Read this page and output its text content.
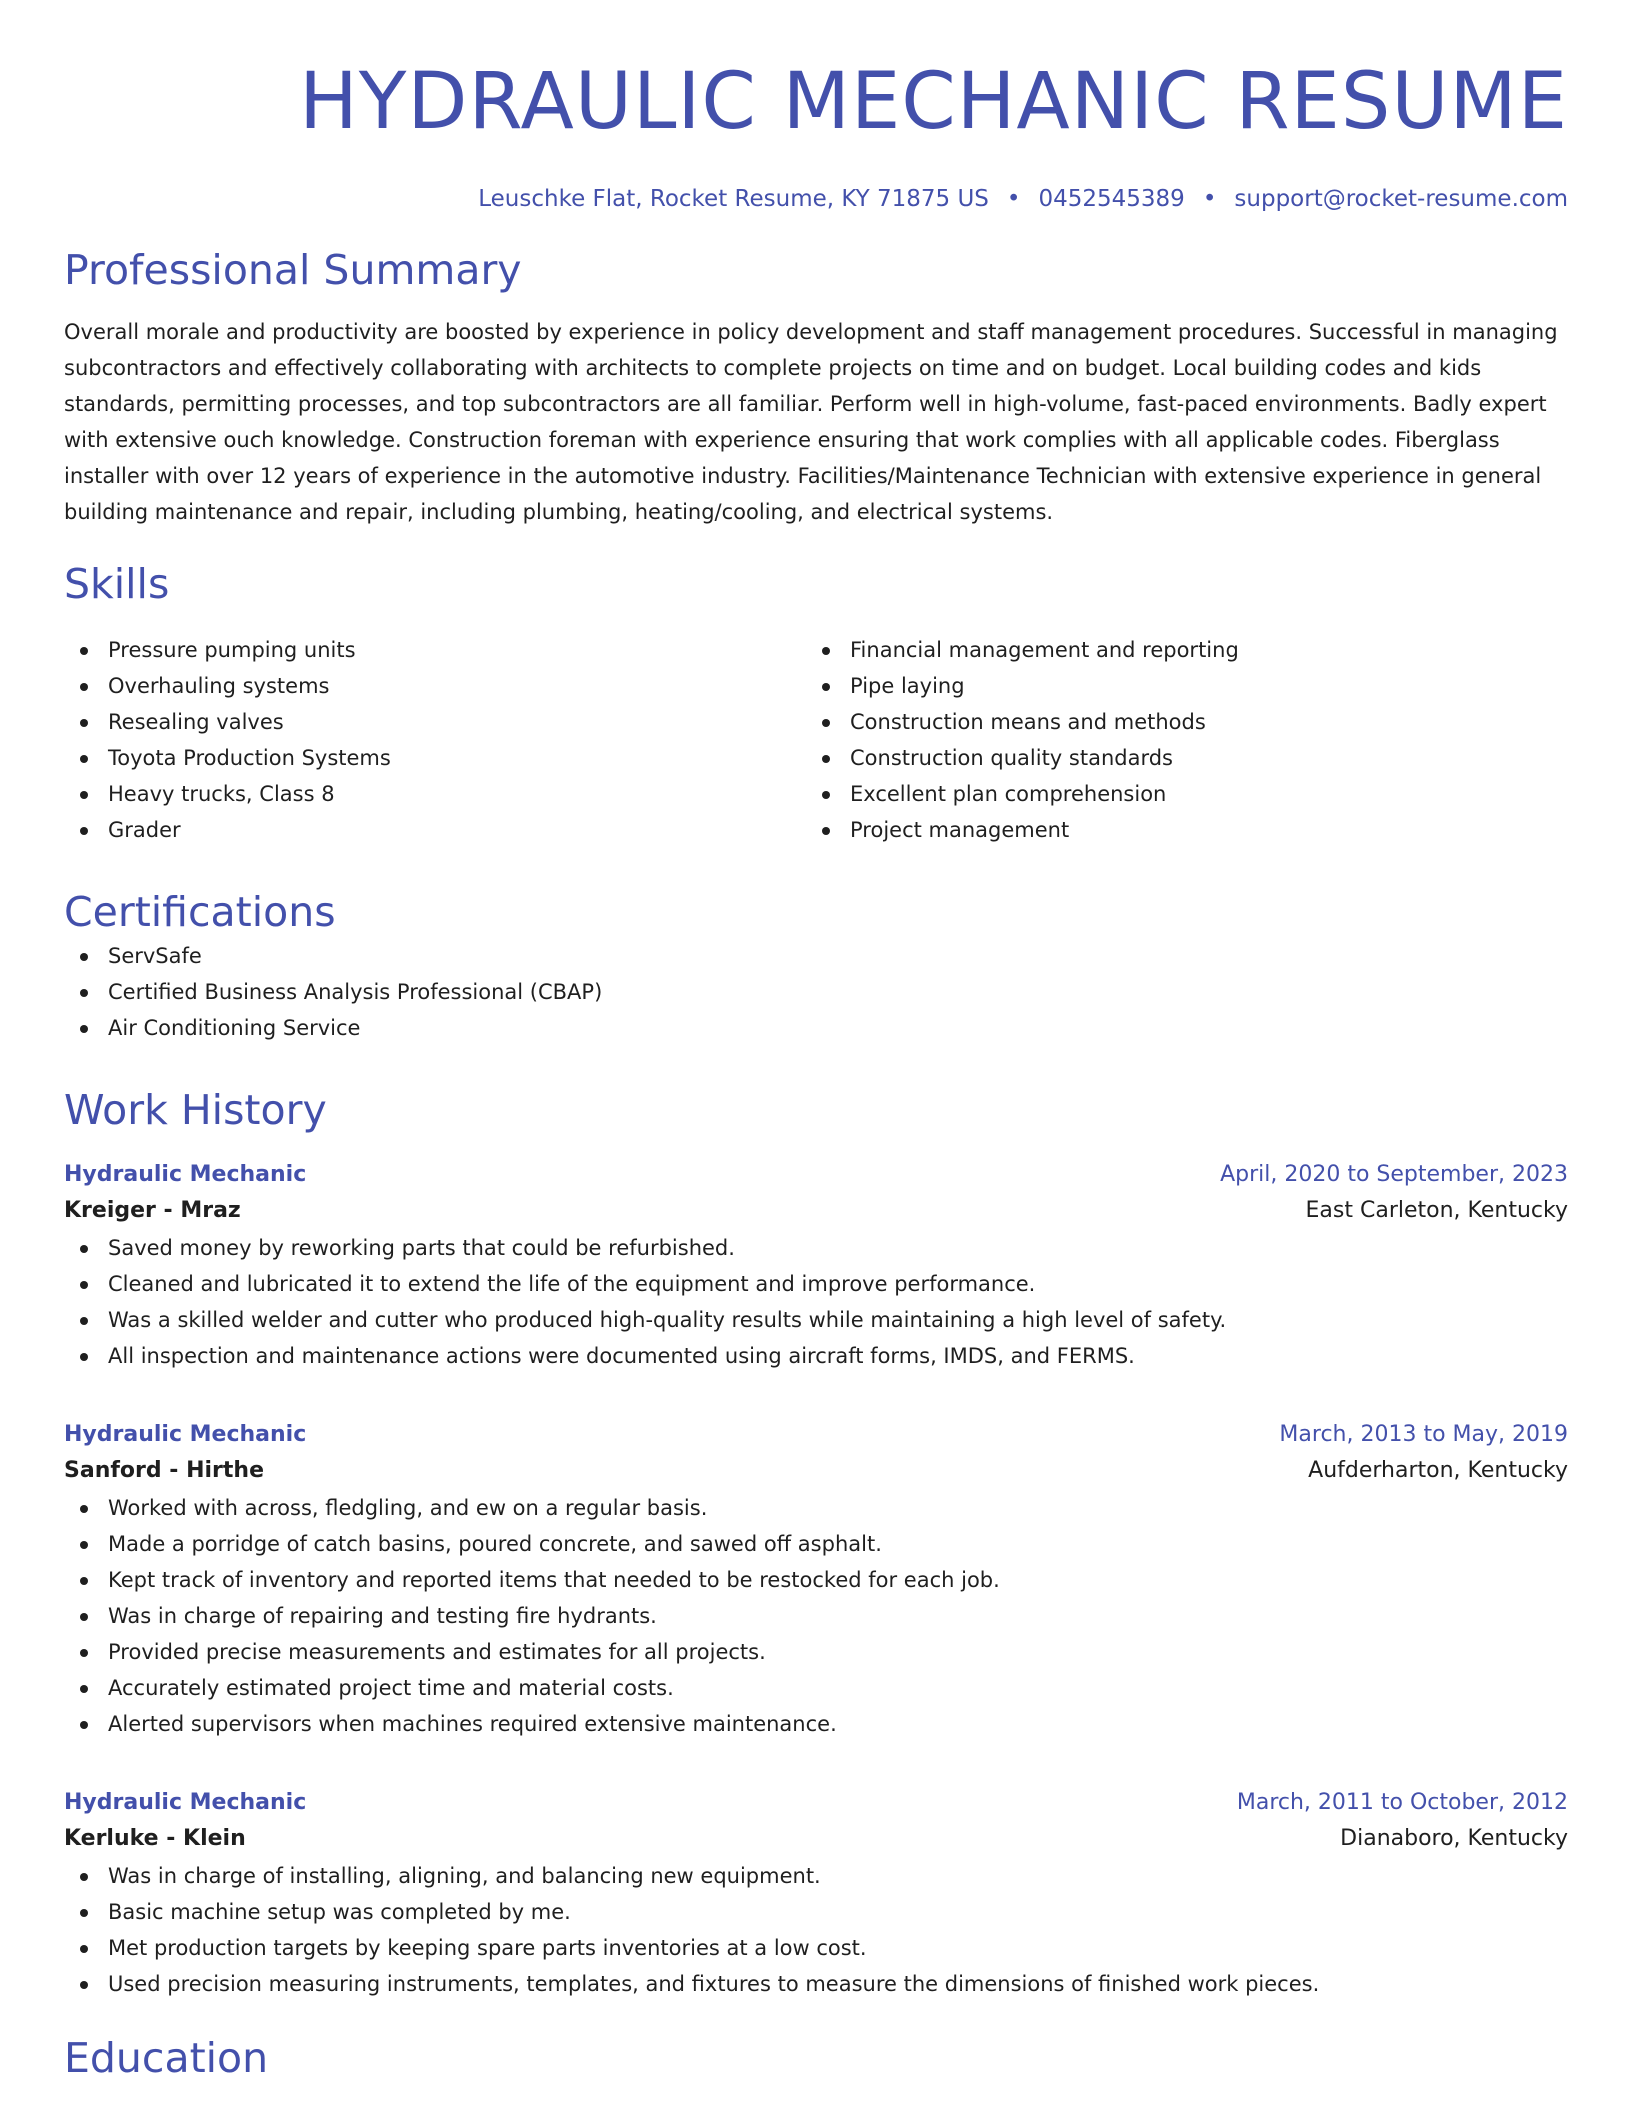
HYDRAULIC MECHANIC RESUME
Leuschke Flat, Rocket Resume, KY 71875 US • 0452545389 • support@rocket-resume.com
Professional Summary

Overall morale and productivity are boosted by experience in policy development and staff management procedures. Successful in managing subcontractors and effectively collaborating with architects to complete projects on time and on budget. Local building codes and kids standards, permitting processes, and top subcontractors are all familiar. Perform well in high-volume, fast-paced environments. Badly expert with extensive ouch knowledge. Construction foreman with experience ensuring that work complies with all applicable codes. Fiberglass installer with over 12 years of experience in the automotive industry. Facilities/Maintenance Technician with extensive experience in general building maintenance and repair, including plumbing, heating/cooling, and electrical systems.

Skills
Pressure pumping units
Overhauling systems
Resealing valves
Toyota Production Systems
Heavy trucks, Class 8
Grader
Financial management and reporting
Pipe laying
Construction means and methods
Construction quality standards
Excellent plan comprehension
Project management
Certifications
ServSafe
Certified Business Analysis Professional (CBAP)
Air Conditioning Service
Work History
Hydraulic Mechanic	April, 2020 to September, 2023
Kreiger - Mraz	East Carleton, Kentucky
Saved money by reworking parts that could be refurbished.
Cleaned and lubricated it to extend the life of the equipment and improve performance.
Was a skilled welder and cutter who produced high-quality results while maintaining a high level of safety.
All inspection and maintenance actions were documented using aircraft forms, IMDS, and FERMS.
Hydraulic Mechanic	March, 2013 to May, 2019
Sanford - Hirthe	Aufderharton, Kentucky
Worked with across, fledgling, and ew on a regular basis.
Made a porridge of catch basins, poured concrete, and sawed off asphalt.
Kept track of inventory and reported items that needed to be restocked for each job.
Was in charge of repairing and testing fire hydrants.
Provided precise measurements and estimates for all projects.
Accurately estimated project time and material costs.
Alerted supervisors when machines required extensive maintenance.
Hydraulic Mechanic	March, 2011 to October, 2012
Kerluke - Klein	Dianaboro, Kentucky
Was in charge of installing, aligning, and balancing new equipment.
Basic machine setup was completed by me.
Met production targets by keeping spare parts inventories at a low cost.
Used precision measuring instruments, templates, and fixtures to measure the dimensions of finished work pieces.
Education
